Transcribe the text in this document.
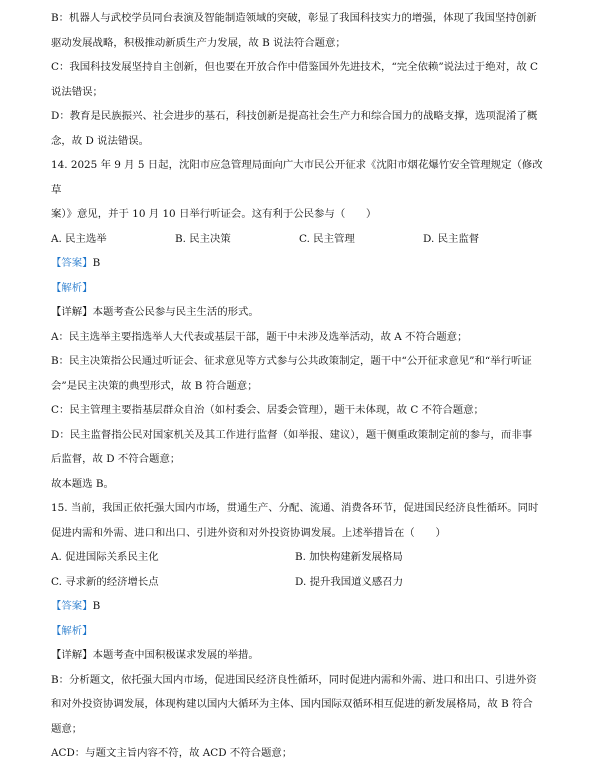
B：机器人与武校学员同台表演及智能制造领域的突破，彰显了我国科技实力的增强，体现了我国坚持创新
驱动发展战略，积极推动新质生产力发展，故 B 说法符合题意；
C：我国科技发展坚持自主创新，但也要在开放合作中借鉴国外先进技术，“完全依赖”说法过于绝对，故 C
说法错误；
D：教育是民族振兴、社会进步的基石，科技创新是提高社会生产力和综合国力的战略支撑，选项混淆了概
念，故 D 说法错误。
14. 2025 年 9 月 5 日起，沈阳市应急管理局面向广大市民公开征求《沈阳市烟花爆竹安全管理规定（修改草
案）》意见，并于 10 月 10 日举行听证会。这有利于公民参与（　　）
A. 民主选举	B. 民主决策	C. 民主管理	D. 民主监督
【答案】B
【解析】
【详解】本题考查公民参与民主生活的形式。
A：民主选举主要指选举人大代表或基层干部，题干中未涉及选举活动，故 A 不符合题意；
B：民主决策指公民通过听证会、征求意见等方式参与公共政策制定，题干中“公开征求意见”和“举行听证
会”是民主决策的典型形式，故 B 符合题意；
C：民主管理主要指基层群众自治（如村委会、居委会管理），题干未体现，故 C 不符合题意；
D：民主监督指公民对国家机关及其工作进行监督（如举报、建议），题干侧重政策制定前的参与，而非事
后监督，故 D 不符合题意；
故本题选 B。
15. 当前，我国正依托强大国内市场，贯通生产、分配、流通、消费各环节，促进国民经济良性循环。同时
促进内需和外需、进口和出口、引进外资和对外投资协调发展。上述举措旨在（　　）
A. 促进国际关系民主化	B. 加快构建新发展格局
C. 寻求新的经济增长点	D. 提升我国道义感召力
【答案】B
【解析】
【详解】本题考查中国积极谋求发展的举措。
B：分析题文，依托强大国内市场，促进国民经济良性循环，同时促进内需和外需、进口和出口、引进外资
和对外投资协调发展，体现构建以国内大循环为主体、国内国际双循环相互促进的新发展格局，故 B 符合
题意；
ACD：与题文主旨内容不符，故 ACD 不符合题意；
